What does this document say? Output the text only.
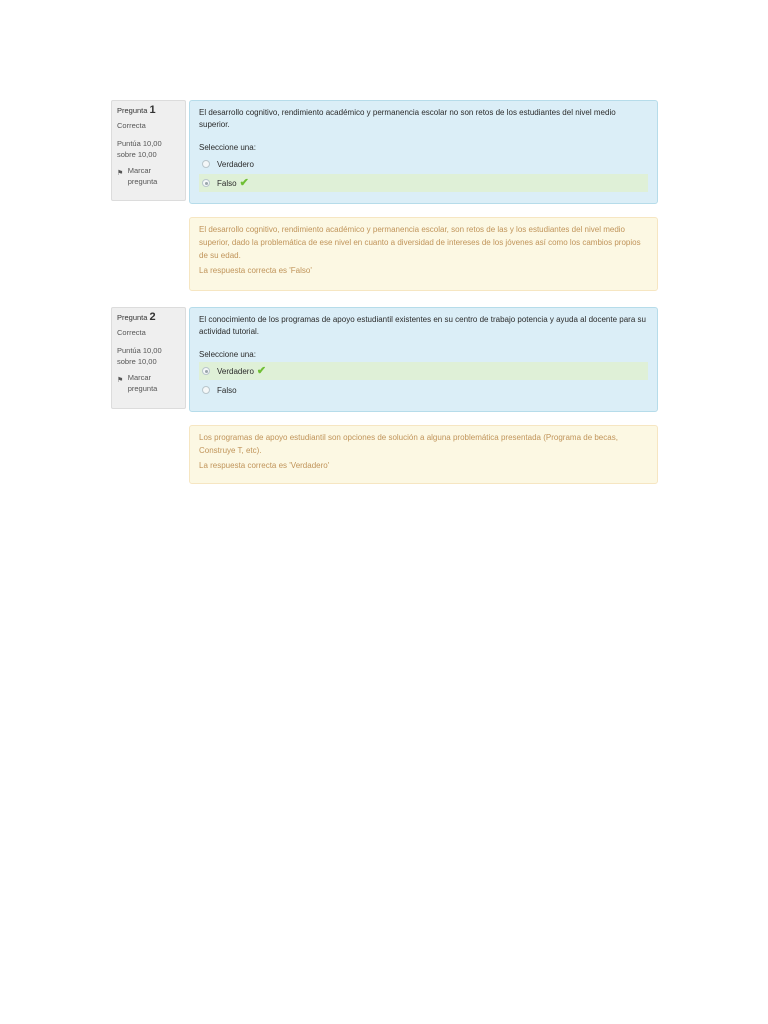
Pregunta 1
Correcta
Puntúa 10,00 sobre 10,00
⚑ Marcar pregunta
El desarrollo cognitivo, rendimiento académico y permanencia escolar no son retos de los estudiantes del nivel medio superior.
Seleccione una:
Verdadero
Falso ✔
El desarrollo cognitivo, rendimiento académico y permanencia escolar, son retos de las y los estudiantes del nivel medio superior, dado la problemática de ese nivel en cuanto a diversidad de intereses de los jóvenes así como los cambios propios de su edad.
La respuesta correcta es 'Falso'
Pregunta 2
Correcta
Puntúa 10,00 sobre 10,00
⚑ Marcar pregunta
El conocimiento de los programas de apoyo estudiantil existentes en su centro de trabajo potencia y ayuda al docente para su actividad tutorial.
Seleccione una:
Verdadero ✔
Falso
Los programas de apoyo estudiantil son opciones de solución a alguna problemática presentada (Programa de becas, Construye T, etc).
La respuesta correcta es 'Verdadero'
